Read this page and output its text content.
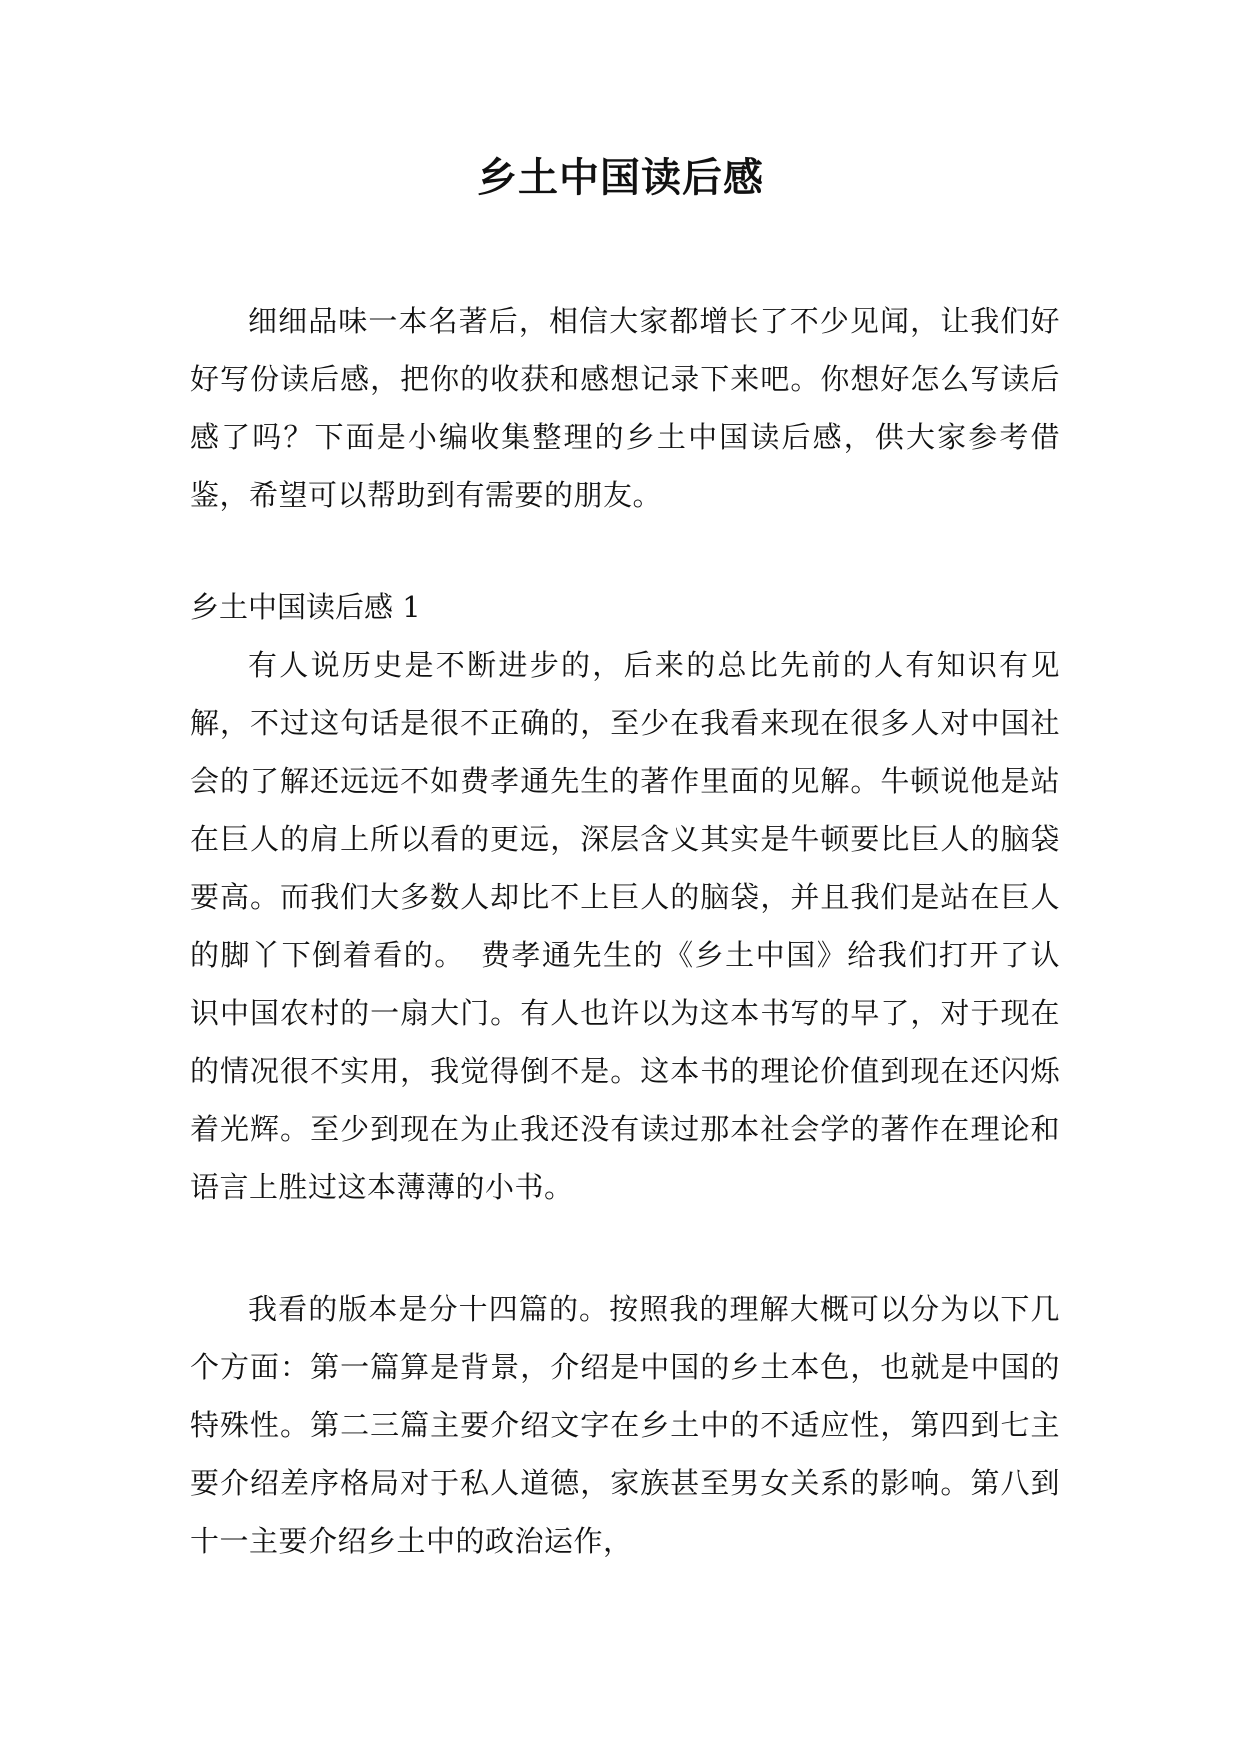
乡土中国读后感
细细品味一本名著后，相信大家都增长了不少见闻，让我们好好写份读后感，把你的收获和感想记录下来吧。你想好怎么写读后感了吗？下面是小编收集整理的乡土中国读后感，供大家参考借鉴，希望可以帮助到有需要的朋友。
乡土中国读后感 1
有人说历史是不断进步的，后来的总比先前的人有知识有见解，不过这句话是很不正确的，至少在我看来现在很多人对中国社会的了解还远远不如费孝通先生的著作里面的见解。牛顿说他是站在巨人的肩上所以看的更远，深层含义其实是牛顿要比巨人的脑袋要高。而我们大多数人却比不上巨人的脑袋，并且我们是站在巨人的脚丫下倒着看的。　费孝通先生的《乡土中国》给我们打开了认识中国农村的一扇大门。有人也许以为这本书写的早了，对于现在的情况很不实用，我觉得倒不是。这本书的理论价值到现在还闪烁着光辉。至少到现在为止我还没有读过那本社会学的著作在理论和语言上胜过这本薄薄的小书。
我看的版本是分十四篇的。按照我的理解大概可以分为以下几个方面：第一篇算是背景，介绍是中国的乡土本色，也就是中国的特殊性。第二三篇主要介绍文字在乡土中的不适应性，第四到七主要介绍差序格局对于私人道德，家族甚至男女关系的影响。第八到十一主要介绍乡土中的政治运作，
